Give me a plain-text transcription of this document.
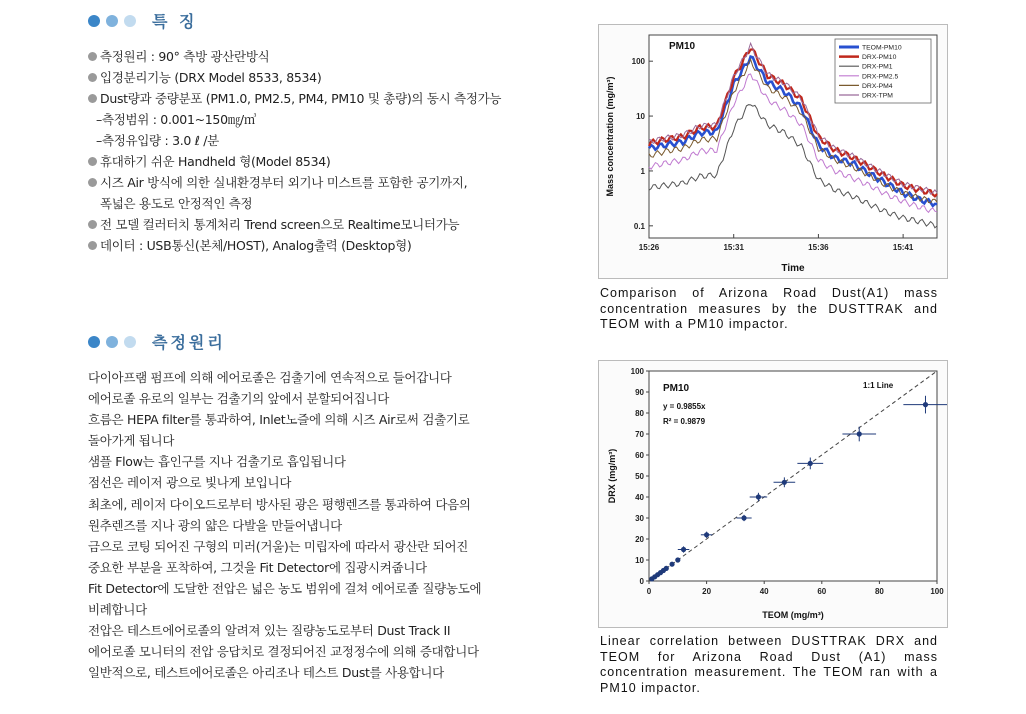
특 징
측정원리 : 90° 측방 광산란방식
입경분리기능 (DRX Model 8533, 8534)
Dust량과 중량분포 (PM1.0, PM2.5, PM4, PM10 및 총량)의 동시 측정가능
–측정범위 : 0.001~150㎎/㎥
–측정유입량 : 3.0 ℓ /분
휴대하기 쉬운 Handheld 형(Model 8534)
시즈 Air 방식에 의한 실내환경부터 외기나 미스트를 포함한 공기까지,
폭넓은 용도로 안정적인 측정
전 모델 컬러터치 통계처리 Trend screen으로 Realtime모니터가능
데이터 : USB통신(본체/HOST), Analog출력 (Desktop형)
측정원리

다이아프램 펌프에 의해 에어로졸은 검출기에 연속적으로 들어갑니다

에어로졸 유로의 일부는 검출기의 앞에서 분할되어집니다

흐름은 HEPA filter를 통과하여, Inlet노즐에 의해 시즈 Air로써 검출기로

돌아가게 됩니다

샘플 Flow는 흡인구를 지나 검출기로 흡입됩니다

점선은 레이저 광으로 빛나게 보입니다

최초에, 레이저 다이오드로부터 방사된 광은 평행렌즈를 통과하여 다음의

원추렌즈를 지나 광의 얇은 다발을 만들어냅니다

금으로 코팅 되어진 구형의 미러(거울)는 미립자에 따라서 광산란 되어진

중요한 부분을 포착하여, 그것을 Fit Detector에 집광시켜줍니다

Fit Detector에 도달한 전압은 넓은 농도 범위에 걸쳐 에어로졸 질량농도에

비례합니다

전압은 테스트에어로졸의 알려져 있는 질량농도로부터 Dust Track II

에어로졸 모니터의 전압 응답치로 결정되어진 교정정수에 의해 증대합니다

일반적으로, 테스트에어로졸은 아리조나 테스트 Dust를 사용합니다

0.1
1
10
100
15:26	15:31	15:36	15:41
PM10	TEOM-PM10
DRX-PM10
DRX-PM1
DRX-PM2.5
DRX-PM4
DRX-TPM
Time
Mass concentration (mg/m³)
Comparison of Arizona Road Dust(A1) mass concentration measures by the DUSTTRAK and TEOM with a PM10 impactor.
0
10
20
30
40
50
60
70
80
90
100
0	20	40	60	80	100
PM10
y = 0.9855x
R² = 0.9879
1:1 Line
TEOM (mg/m³)
DRX (mg/m³)
Linear correlation between DUSTTRAK DRX and TEOM for Arizona Road Dust (A1) mass concentration measurement. The TEOM ran with a PM10 impactor.
